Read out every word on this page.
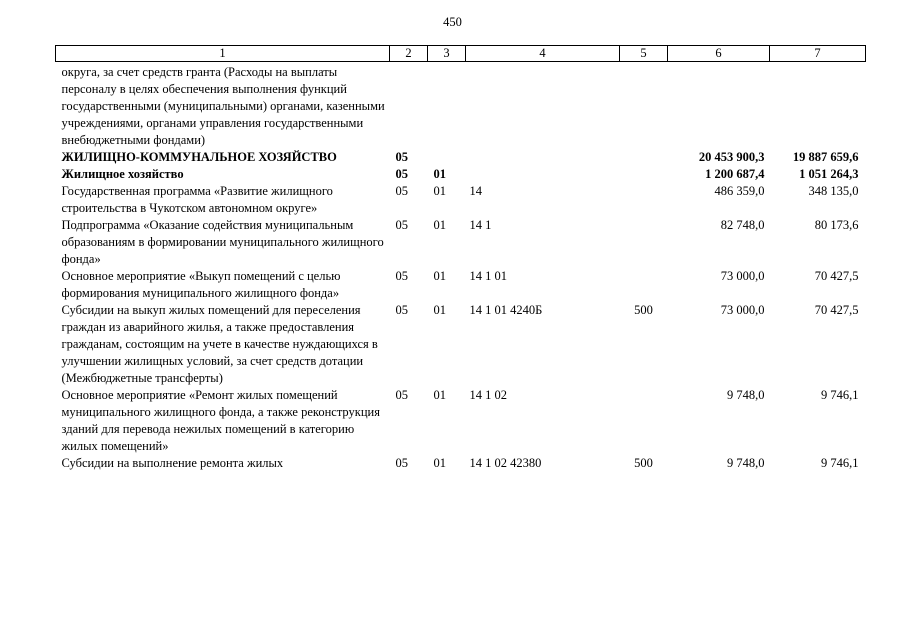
450
1	2	3	4	5	6	7
округа, за счет средств гранта (Расходы на выплаты персоналу в целях обеспечения выполнения функций государственными (муниципальными) органами, казенными учреждениями, органами управления государственными внебюджетными фондами)						
ЖИЛИЩНО-КОММУНАЛЬНОЕ ХОЗЯЙСТВО	05				20 453 900,3	19 887 659,6
Жилищное хозяйство	05	01			1 200 687,4	1 051 264,3
Государственная программа «Развитие жилищного строительства в Чукотском автономном округе»	05	01	14		486 359,0	348 135,0
Подпрограмма «Оказание содействия муниципальным образованиям в формировании муниципального жилищного фонда»	05	01	14 1		82 748,0	80 173,6
Основное мероприятие «Выкуп помещений с целью формирования муниципального жилищного фонда»	05	01	14 1 01		73 000,0	70 427,5
Субсидии на выкуп жилых помещений для переселения граждан из аварийного жилья, а также предоставления гражданам, состоящим на учете в качестве нуждающихся в улучшении жилищных условий, за счет средств дотации (Межбюджетные трансферты)	05	01	14 1 01 4240Б	500	73 000,0	70 427,5
Основное мероприятие «Ремонт жилых помещений муниципального жилищного фонда, а также реконструкция зданий для перевода нежилых помещений в категорию жилых помещений»	05	01	14 1 02		9 748,0	9 746,1
Субсидии на выполнение ремонта жилых	05	01	14 1 02 42380	500	9 748,0	9 746,1
